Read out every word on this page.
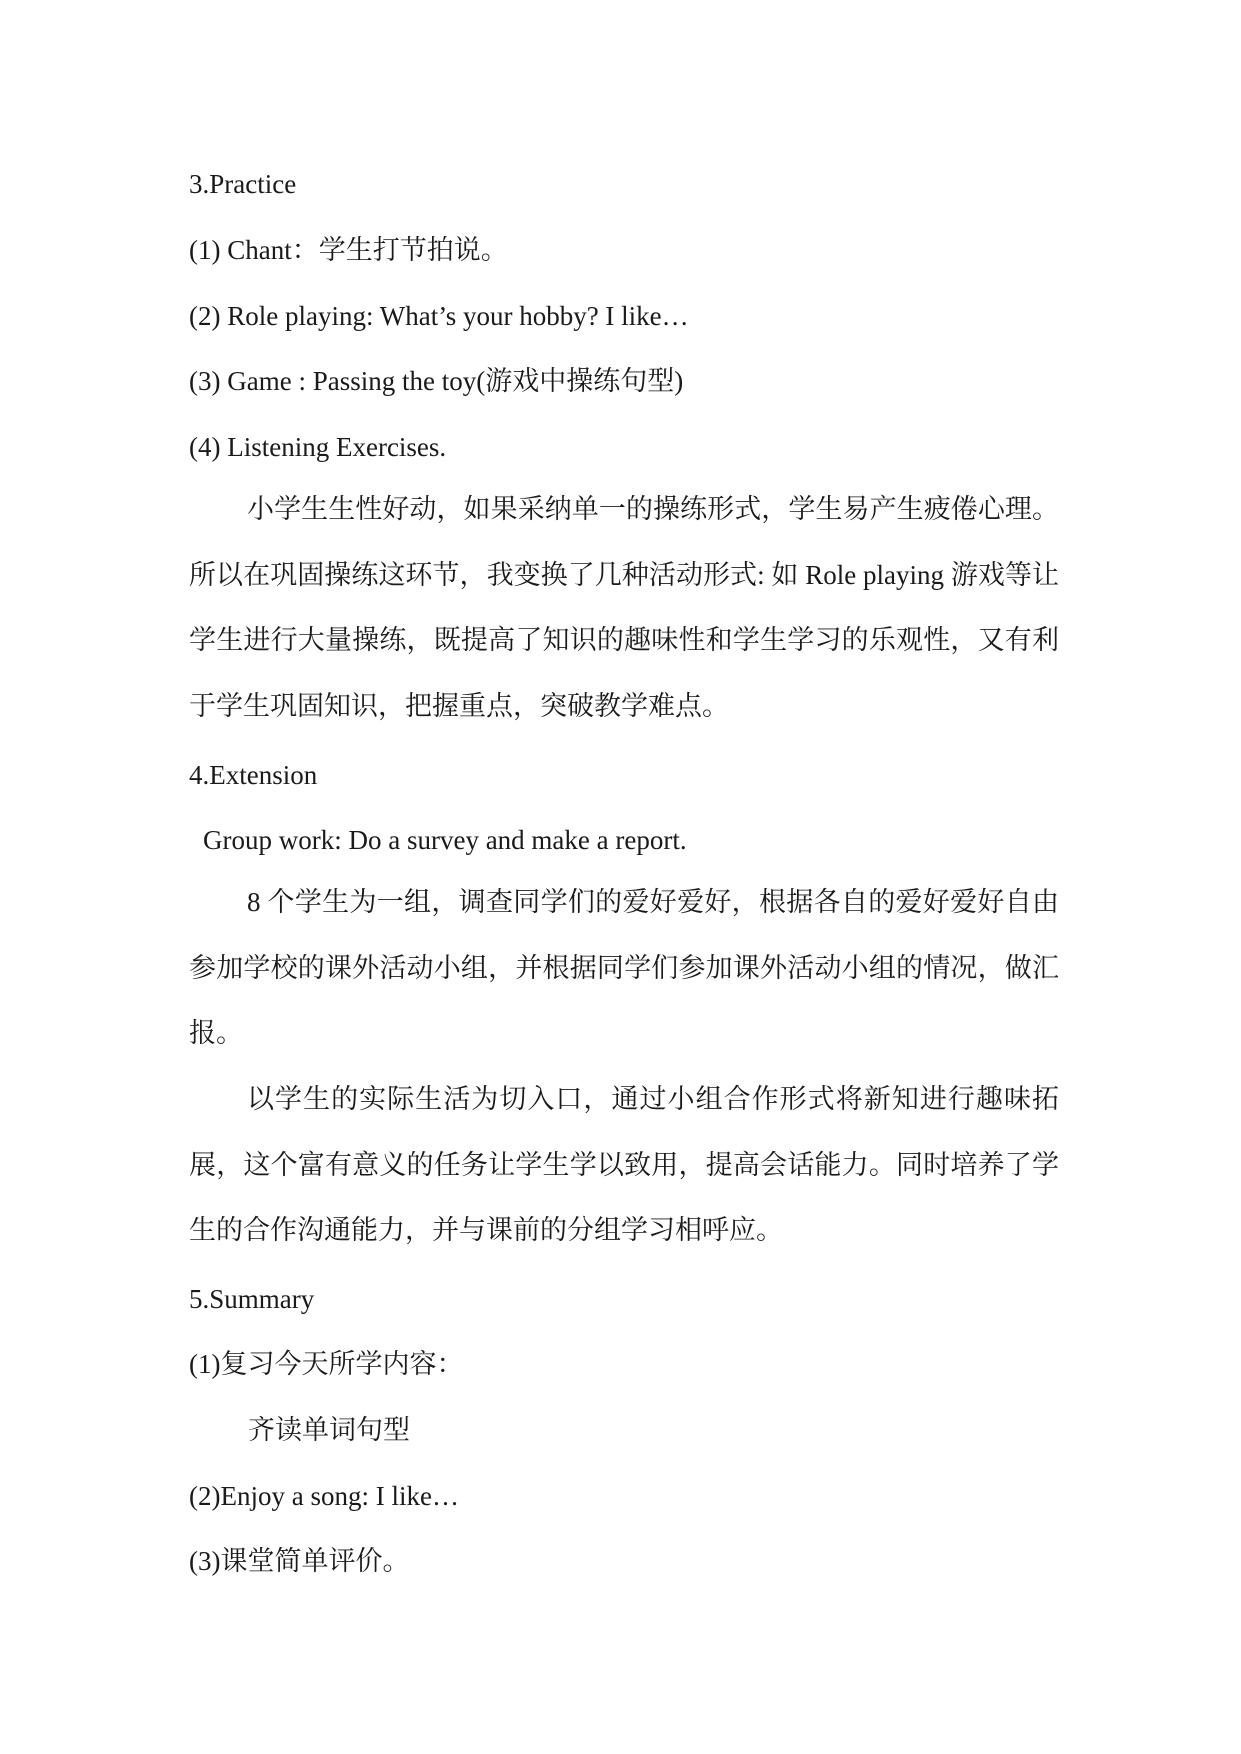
3.Practice
(1) Chant：学生打节拍说。
(2) Role playing: What’s your hobby? I like…
(3) Game : Passing the toy(游戏中操练句型)
(4) Listening Exercises.
小学生生性好动，如果采纳单一的操练形式，学生易产生疲倦心理。所以在巩固操练这环节，我变换了几种活动形式: 如 Role playing 游戏等让学生进行大量操练，既提高了知识的趣味性和学生学习的乐观性，又有利于学生巩固知识，把握重点，突破教学难点。
4.Extension
Group work: Do a survey and make a report.
8 个学生为一组，调查同学们的爱好爱好，根据各自的爱好爱好自由参加学校的课外活动小组，并根据同学们参加课外活动小组的情况，做汇报。
以学生的实际生活为切入口，通过小组合作形式将新知进行趣味拓展，这个富有意义的任务让学生学以致用，提高会话能力。同时培养了学生的合作沟通能力，并与课前的分组学习相呼应。
5.Summary
(1)复习今天所学内容：
齐读单词句型
(2)Enjoy a song: I like…
(3)课堂简单评价。
